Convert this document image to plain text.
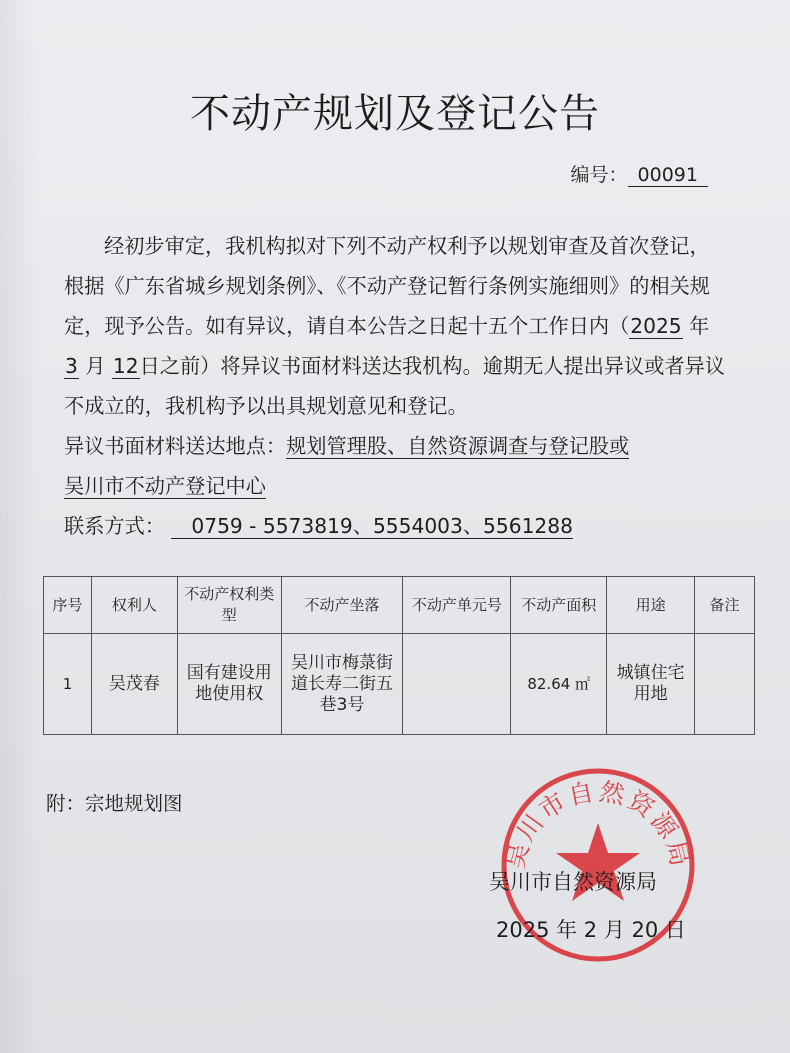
不动产规划及登记公告
编号： 00091

经初步审定，我机构拟对下列不动产权利予以规划审查及首次登记，根据《广东省城乡规划条例》、《不动产登记暂行条例实施细则》的相关规定，现予公告。如有异议，请自本公告之日起十五个工作日内（2025 年 3 月 12日之前）将异议书面材料送达我机构。逾期无人提出异议或者异议不成立的，我机构予以出具规划意见和登记。

异议书面材料送达地点：规划管理股、自然资源调查与登记股或

吴川市不动产登记中心

联系方式： 0759 - 5573819、5554003、5561288

序号	权利人	不动产权利类型	不动产坐落	不动产单元号	不动产面积	用途	备注
1	吴茂春	国有建设用地使用权	吴川市梅菉街道长寿二街五巷3号		82.64 ㎡	城镇住宅用地	
附：宗地规划图
吴川市自然资源局
吴川市自然资源局
2025 年 2 月 20 日
